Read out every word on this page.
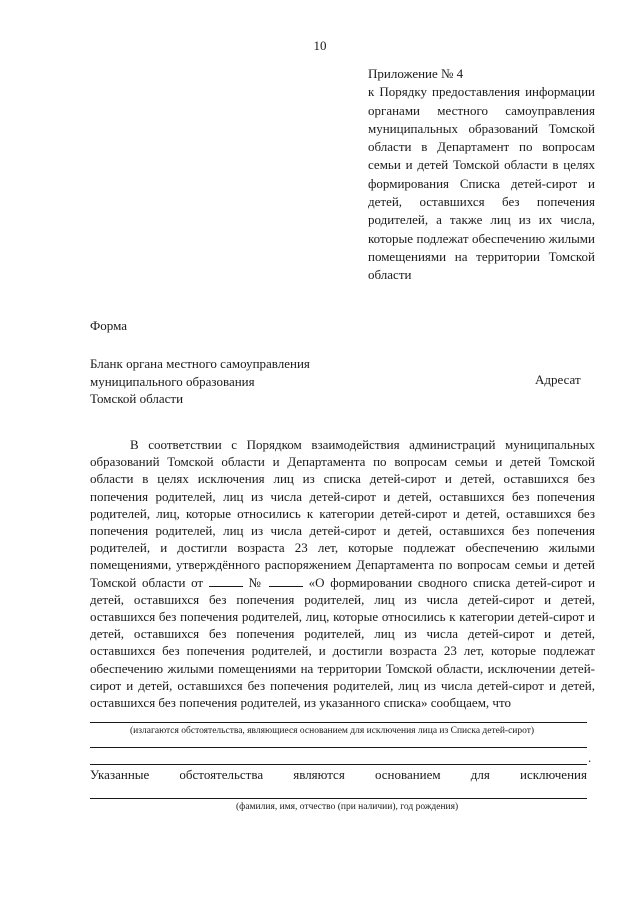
10

Приложение № 4

к Порядку предоставления информации органами местного самоуправления муниципальных образований Томской области в Департамент по вопросам семьи и детей Томской области в целях формирования Списка детей-сирот и детей, оставшихся без попечения родителей, а также лиц из их числа, которые подлежат обеспечению жилыми помещениями на территории Томской области

Форма
Бланк органа местного самоуправления
муниципального образования
Томской области
Адресат

В соответствии с Порядком взаимодействия администраций муниципальных образований Томской области и Департамента по вопросам семьи и детей Томской области в целях исключения лиц из списка детей-сирот и детей, оставшихся без попечения родителей, лиц из числа детей-сирот и детей, оставшихся без попечения родителей, лиц, которые относились к категории детей-сирот и детей, оставшихся без попечения родителей, лиц из числа детей-сирот и детей, оставшихся без попечения родителей, и достигли возраста 23 лет, которые подлежат обеспечению жилыми помещениями, утверждённого распоряжением Департамента по вопросам семьи и детей Томской области от	№	«О формировании сводного списка детей-сирот и детей, оставшихся без попечения родителей, лиц из числа детей-сирот и детей, оставшихся без попечения родителей, лиц, которые относились к категории детей-сирот и детей, оставшихся без попечения родителей, лиц из числа детей-сирот и детей, оставшихся без попечения родителей, и достигли возраста 23 лет, которые подлежат обеспечению жилыми помещениями на территории Томской области, исключении детей-сирот и детей, оставшихся без попечения родителей, лиц из числа детей-сирот и детей, оставшихся без попечения родителей, из указанного списка» сообщаем, что

(излагаются обстоятельства, являющиеся основанием для исключения лица из Списка детей-сирот)
.
Указанные обстоятельства являются основанием для исключения
(фамилия, имя, отчество (при наличии), год рождения)
